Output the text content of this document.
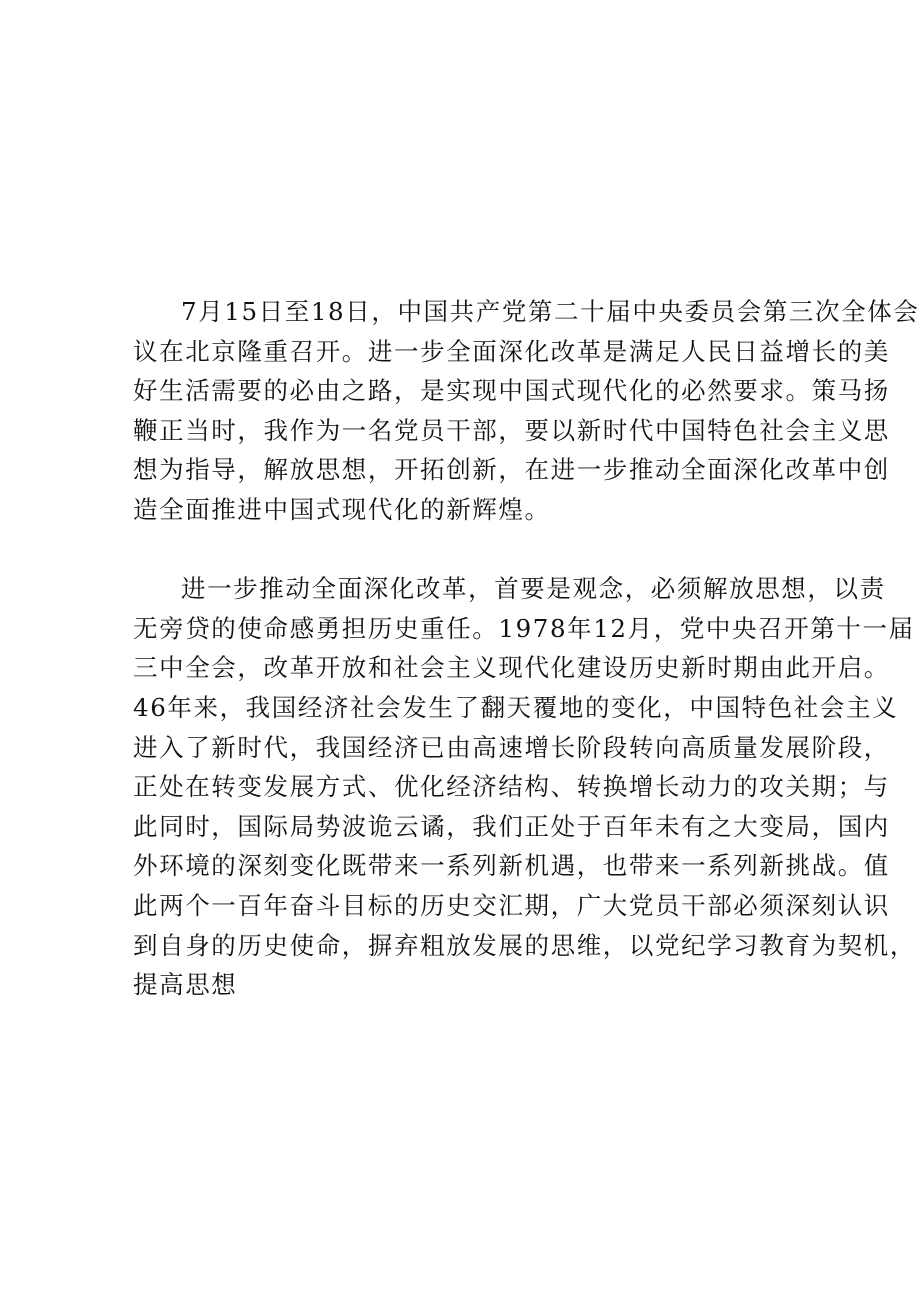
7月15日至18日，中国共产党第二十届中央委员会第三次全体会
议在北京隆重召开。进一步全面深化改革是满足人民日益增长的美
好生活需要的必由之路，是实现中国式现代化的必然要求。策马扬
鞭正当时，我作为一名党员干部，要以新时代中国特色社会主义思
想为指导，解放思想，开拓创新，在进一步推动全面深化改革中创
造全面推进中国式现代化的新辉煌。
进一步推动全面深化改革，首要是观念，必须解放思想，以责
无旁贷的使命感勇担历史重任。1978年12月，党中央召开第十一届
三中全会，改革开放和社会主义现代化建设历史新时期由此开启。
46年来，我国经济社会发生了翻天覆地的变化，中国特色社会主义
进入了新时代，我国经济已由高速增长阶段转向高质量发展阶段，
正处在转变发展方式、优化经济结构、转换增长动力的攻关期；与
此同时，国际局势波诡云谲，我们正处于百年未有之大变局，国内
外环境的深刻变化既带来一系列新机遇，也带来一系列新挑战。值
此两个一百年奋斗目标的历史交汇期，广大党员干部必须深刻认识
到自身的历史使命，摒弃粗放发展的思维，以党纪学习教育为契机，
提高思想
